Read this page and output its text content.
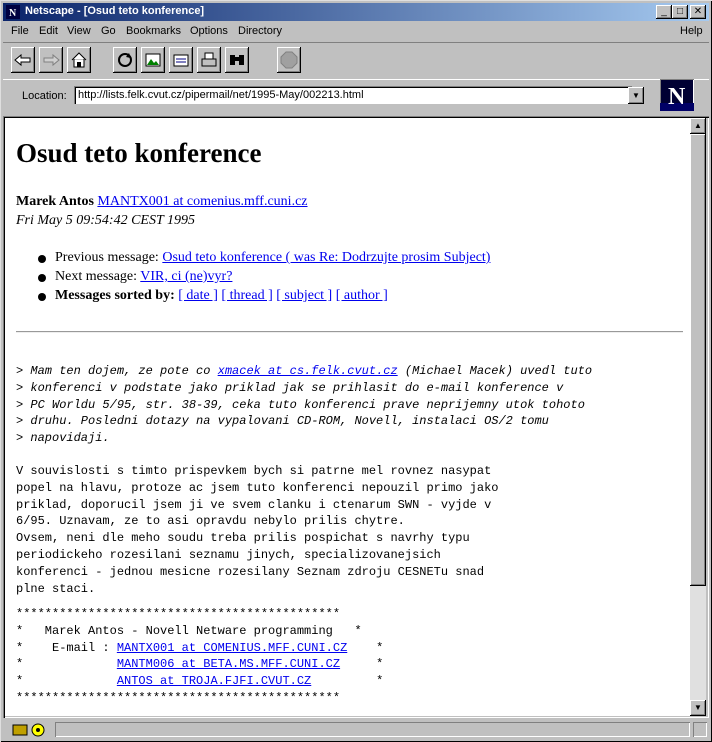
N Netscape - [Osud teto konference]	_	□	✕
File Edit View Go Bookmarks Options Directory	Help
Location:
http://lists.felk.cvut.cz/pipermail/net/1995-May/002213.html	▼ N
Osud teto konference
Marek Antos MANTX001 at comenius.mff.cuni.cz
Fri May 5 09:54:42 CEST 1995
Previous message: Osud teto konference ( was Re: Dodrzujte prosim Subject)
Next message: VIR, ci (ne)vyr?
Messages sorted by: [ date ] [ thread ] [ subject ] [ author ]
> Mam ten dojem, ze pote co xmacek at cs.felk.cvut.cz (Michael Macek) uvedl tuto
> konferenci v podstate jako priklad jak se prihlasit do e-mail konference v
> PC Worldu 5/95, str. 38-39, ceka tuto konferenci prave neprijemny utok tohoto
> druhu. Posledni dotazy na vypalovani CD-ROM, Novell, instalaci OS/2 tomu
> napovidaji.
V souvislosti s timto prispevkem bych si patrne mel rovnez nasypat
popel na hlavu, protoze ac jsem tuto konferenci nepouzil primo jako
priklad, doporucil jsem ji ve svem clanku i ctenarum SWN - vyjde v
6/95. Uznavam, ze to asi opravdu nebylo prilis chytre.
Ovsem, neni dle meho soudu treba prilis pospichat s navrhy typu
periodickeho rozesilani seznamu jinych, specializovanejsich
konferenci - jednou mesicne rozesilany Seznam zdroju CESNETu snad
plne staci.
*********************************************
*   Marek Antos - Novell Netware programming   *
*    E-mail : MANTX001 at COMENIUS.MFF.CUNI.CZ    *
*             MANTM006 at BETA.MS.MFF.CUNI.CZ     *
*             ANTOS at TROJA.FJFI.CVUT.CZ         *
*********************************************
▲
▼
